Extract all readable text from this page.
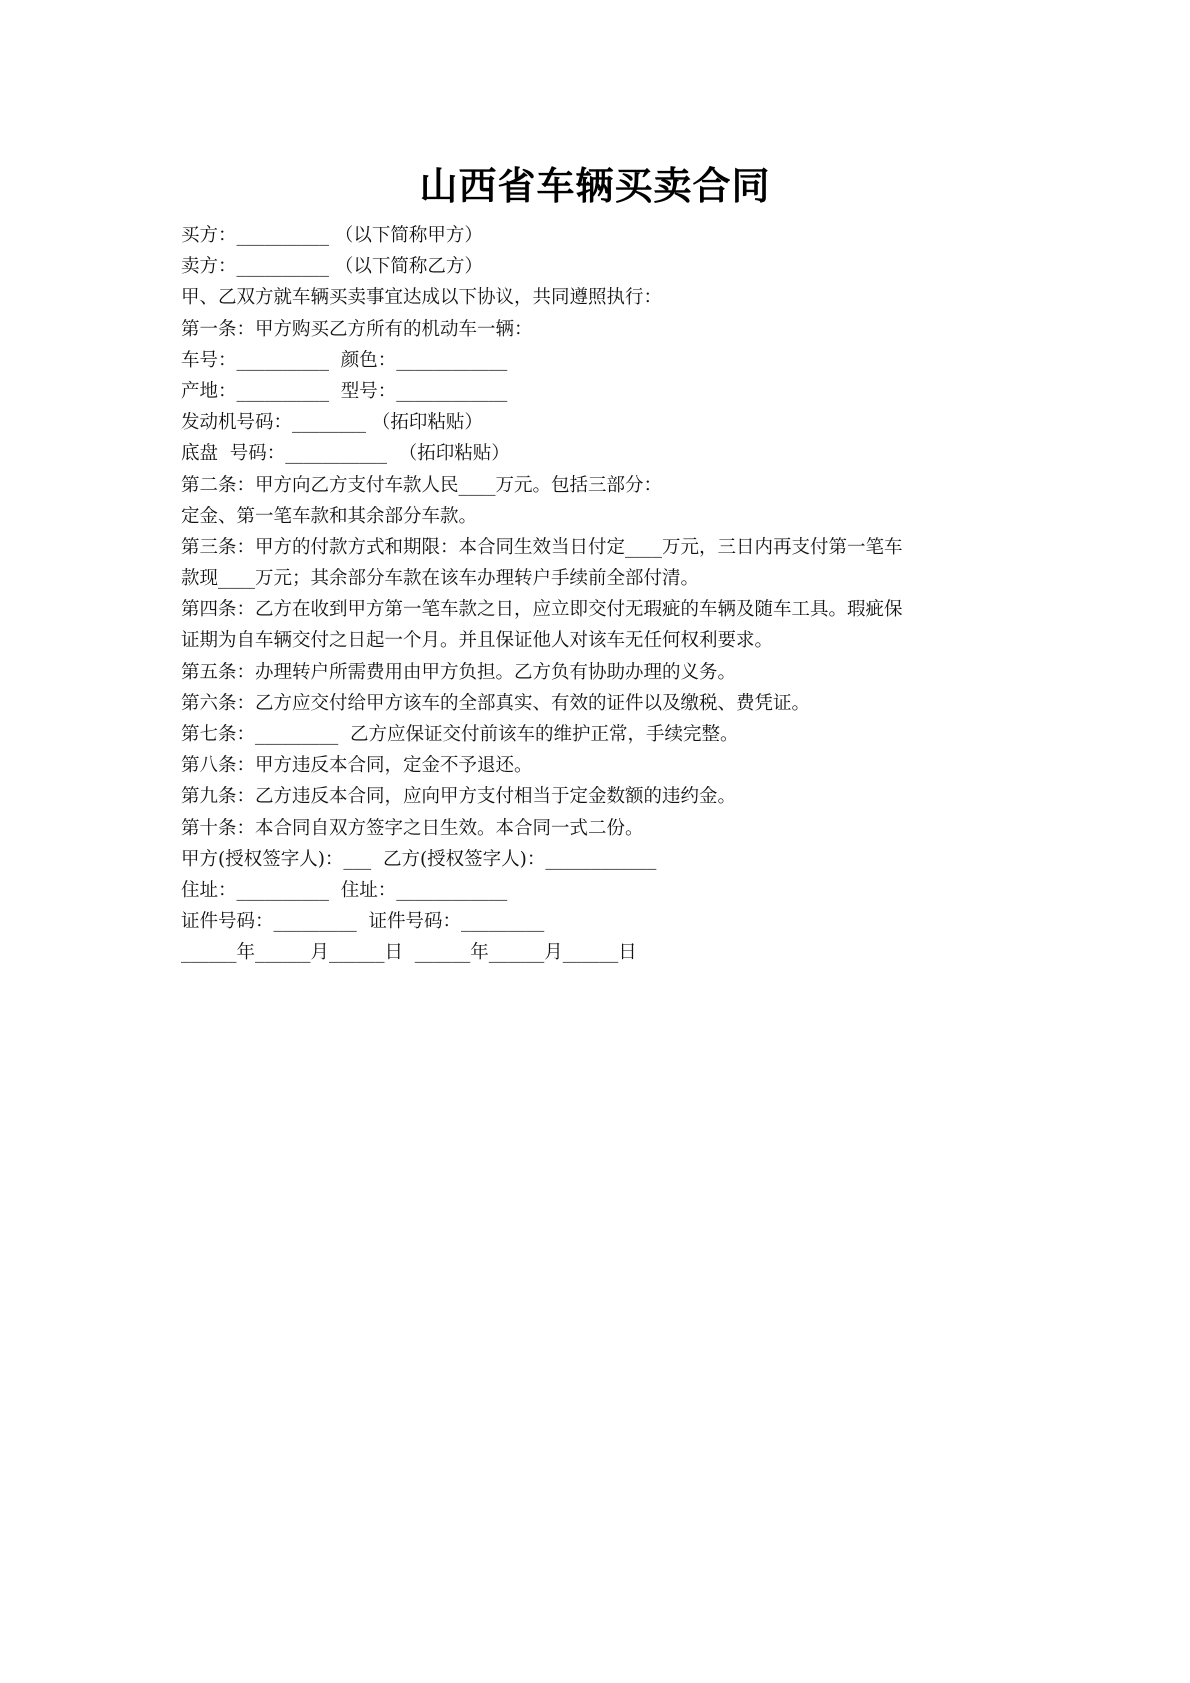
山西省车辆买卖合同
买方：__________ （以下简称甲方）
卖方：__________ （以下简称乙方）
甲、乙双方就车辆买卖事宜达成以下协议，共同遵照执行：
第一条：甲方购买乙方所有的机动车一辆：
车号：__________  颜色：____________
产地：__________  型号：____________
发动机号码：________ （拓印粘贴）
底盘  号码：___________  （拓印粘贴）
第二条：甲方向乙方支付车款人民____万元。包括三部分：
定金、第一笔车款和其余部分车款。
第三条：甲方的付款方式和期限：本合同生效当日付定____万元，三日内再支付第一笔车
款现____万元；其余部分车款在该车办理转户手续前全部付清。
第四条：乙方在收到甲方第一笔车款之日，应立即交付无瑕疵的车辆及随车工具。瑕疵保
证期为自车辆交付之日起一个月。并且保证他人对该车无任何权利要求。
第五条：办理转户所需费用由甲方负担。乙方负有协助办理的义务。
第六条：乙方应交付给甲方该车的全部真实、有效的证件以及缴税、费凭证。
第七条：_________  乙方应保证交付前该车的维护正常，手续完整。
第八条：甲方违反本合同，定金不予退还。
第九条：乙方违反本合同，应向甲方支付相当于定金数额的违约金。
第十条：本合同自双方签字之日生效。本合同一式二份。
甲方(授权签字人)：___  乙方(授权签字人)：____________
住址：__________  住址：____________
证件号码：_________  证件号码：_________
______年______月______日  ______年______月______日
